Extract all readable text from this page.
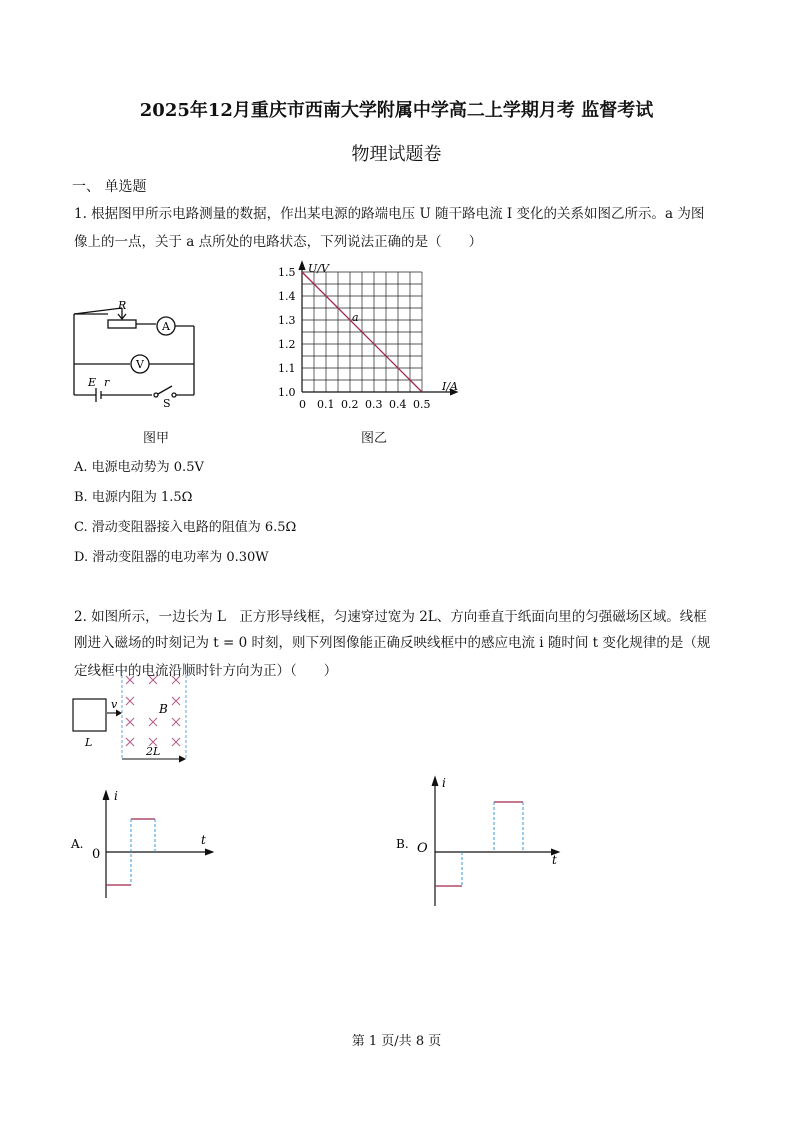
2025年12月重庆市西南大学附属中学高二上学期月考 监督考试
物理试题卷
一、 单选题
1. 根据图甲所示电路测量的数据，作出某电源的路端电压 U 随干路电流 I 变化的关系如图乙所示。a 为图
像上的一点，关于 a 点所处的电路状态，下列说法正确的是（　　）
R
A
V
E r
S
图甲
1.5
1.4
1.3
1.2
1.1
1.0
0 0.1 0.2 0.3 0.4 0.5
a
U/V
I/A
图乙
A. 电源电动势为 0.5V
B. 电源内阻为 1.5Ω
C. 滑动变阻器接入电路的阻值为 6.5Ω
D. 滑动变阻器的电功率为 0.30W
2. 如图所示，一边长为 L　正方形导线框，匀速穿过宽为 2L、方向垂直于纸面向里的匀强磁场区域。线框
刚进入磁场的时刻记为 t = 0 时刻，则下列图像能正确反映线框中的感应电流 i 随时间 t 变化规律的是（规
定线框中的电流沿顺时针方向为正）（　　）
v	B
L
2L
A.
0
i
t	B. O
i
t
第 1 页/共 8 页
